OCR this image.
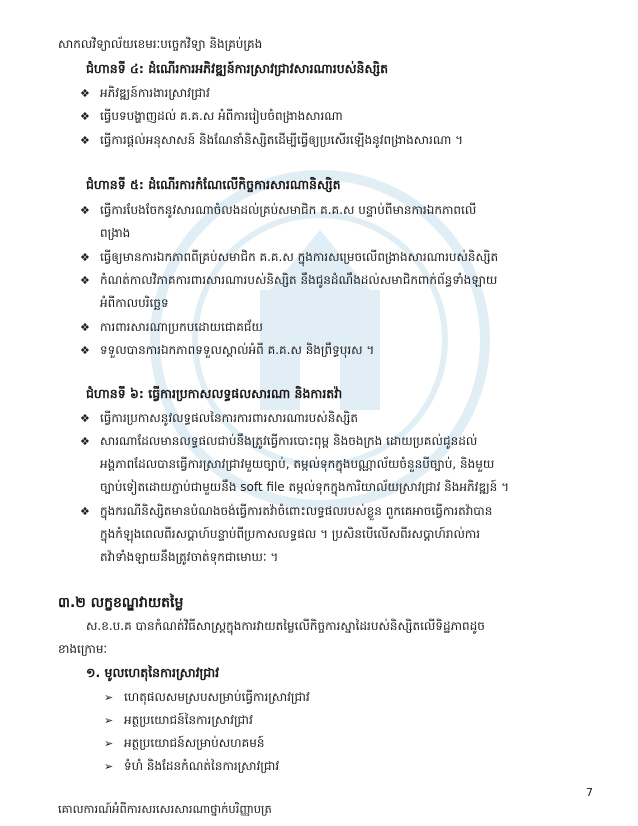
សាកលវិទ្យាល័យខេមរៈបច្ចេកវិទ្យា និងគ្រប់គ្រង
ជំហានទី ៤: ដំណើរការអភិវឌ្ឍន៍ការស្រាវជ្រាវសារណារបស់និស្សិត
❖ អភិវឌ្ឍន៍ការងារស្រាវជ្រាវ
❖ ធ្វើបទបង្ហាញដល់ គ.គ.ស អំពីការរៀបចំពង្រាងសារណា
❖ ធ្វើការផ្តល់អនុសាសន៍ និងណែនាំនិស្សិតដើម្បីធ្វើឲ្យប្រសើរឡើងនូវពង្រាងសារណា ។
ជំហានទី ៥: ដំណើរការកំណែលើកិច្ចការសារណានិស្សិត
❖ ធ្វើការបែងចែកនូវសារណាចំលងដល់គ្រប់សមាជិក គ.គ.ស បន្ទាប់ពីមានការឯកភាពលើ
ពង្រាង
❖ ធ្វើឲ្យមានការឯកភាពពីគ្រប់សមាជិក គ.គ.ស ក្នុងការសម្រេចលើពង្រាងសារណារបស់និស្សិត
❖ កំណត់កាលវិភាគការពារសារណារបស់និស្សិត នឹងជូនដំណឹងដល់សមាជិកពាក់ព័ន្ធទាំងឡាយ
អំពីកាលបរិច្ឆេទ
❖ ការពារសារណាប្រកបដោយជោគជ័យ
❖ ទទួលបានការឯកភាពទទួលស្គាល់អំពី គ.គ.ស និងព្រឹទ្ធបុរស ។
ជំហានទី ៦: ធ្វើការប្រកាសលទ្ធផលសារណា និងការតវ៉ា
❖ ធ្វើការប្រកាសនូវលទ្ធផលនៃការការពារសារណារបស់និស្សិត
❖ សារណាដែលមានលទ្ធផលជាប់នឹងត្រូវធ្វើការបោះពុម្ព និងចងក្រង ដោយប្រគល់ជូនដល់
អង្គភាពដែលបានធ្វើការស្រាវជ្រាវមួយច្បាប់, តម្កល់ទុកក្នុងបណ្ណាល័យចំនួនបីច្បាប់, និងមួយ
ច្បាប់ទៀតដោយភ្ជាប់ជាមួយនឹង soft file តម្កល់ទុកក្នុងការិយាល័យស្រាវជ្រាវ និងអភិវឌ្ឍន៍ ។
❖ ក្នុងករណីនិស្សិតមានបំណងចង់ធ្វើការតវ៉ាចំពោះលទ្ធផលរបស់ខ្លួន ពួកគេអាចធ្វើការតវ៉ាបាន
ក្នុងកំឡុងពេលពីរសប្តាហ៍បន្ទាប់ពីប្រកាសលទ្ធផល ។ ប្រសិនបើលើសពីរសប្តាហ៍រាល់ការ
តវ៉ាទាំងឡាយនឹងត្រូវចាត់ទុកជាមោឃៈ ។
៣.២ លក្ខខណ្ឌវាយតម្លៃ
ស.ខ.ប.គ បានកំណត់វិធីសាស្ត្រក្នុងការវាយតម្លៃលើកិច្ចការស្នាដៃរបស់និស្សិតលើទិដ្ឋភាពដូច
ខាងក្រោមៈ
១. មូលហេតុនៃការស្រាវជ្រាវ
➢ ហេតុផលសមស្របសម្រាប់ធ្វើការស្រាវជ្រាវ
➢ អត្ថប្រយោជន៍នៃការស្រាវជ្រាវ
➢ អត្ថប្រយោជន៍សម្រាប់សហគមន៍
➢ ទំហំ និងដែនកំណត់នៃការស្រាវជ្រាវ
7
គោលការណ៍អំពីការសរសេរសារណាថ្នាក់បរិញ្ញាបត្រ
